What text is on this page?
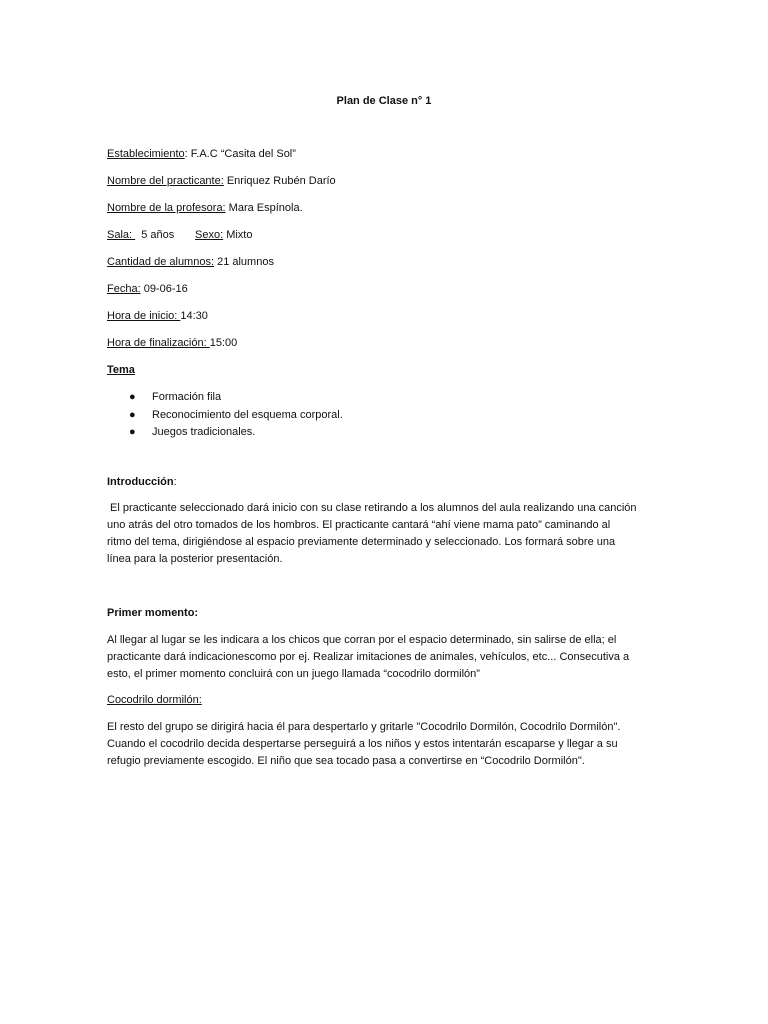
Plan de Clase n° 1
Establecimiento: F.A.C “Casita del Sol”
Nombre del practicante: Enriquez Rubén Darío
Nombre de la profesora: Mara Espínola.
Sala:   5 años Sexo: Mixto
Cantidad de alumnos: 21 alumnos
Fecha: 09-06-16
Hora de inicio: 14:30
Hora de finalización: 15:00
Tema
● Formación fila
● Reconocimiento del esquema corporal.
● Juegos tradicionales.
Introducción:
El practicante seleccionado dará inicio con su clase retirando a los alumnos del aula realizando una canción
uno atrás del otro tomados de los hombros. El practicante cantará “ahí viene mama pato” caminando al
ritmo del tema, dirigiéndose al espacio previamente determinado y seleccionado. Los formará sobre una
línea para la posterior presentación.
Primer momento:
Al llegar al lugar se les indicara a los chicos que corran por el espacio determinado, sin salirse de ella; el
practicante dará indicacionescomo por ej. Realizar imitaciones de animales, vehículos, etc... Consecutiva a
esto, el primer momento concluirá con un juego llamada “cocodrilo dormilón”
Cocodrilo dormilón:
El resto del grupo se dirigirá hacia él para despertarlo y gritarle "Cocodrilo Dormilón, Cocodrilo Dormilón".
Cuando el cocodrilo decida despertarse perseguirá a los niños y estos intentarán escaparse y llegar a su
refugio previamente escogido. El niño que sea tocado pasa a convertirse en “Cocodrilo Dormilón".
